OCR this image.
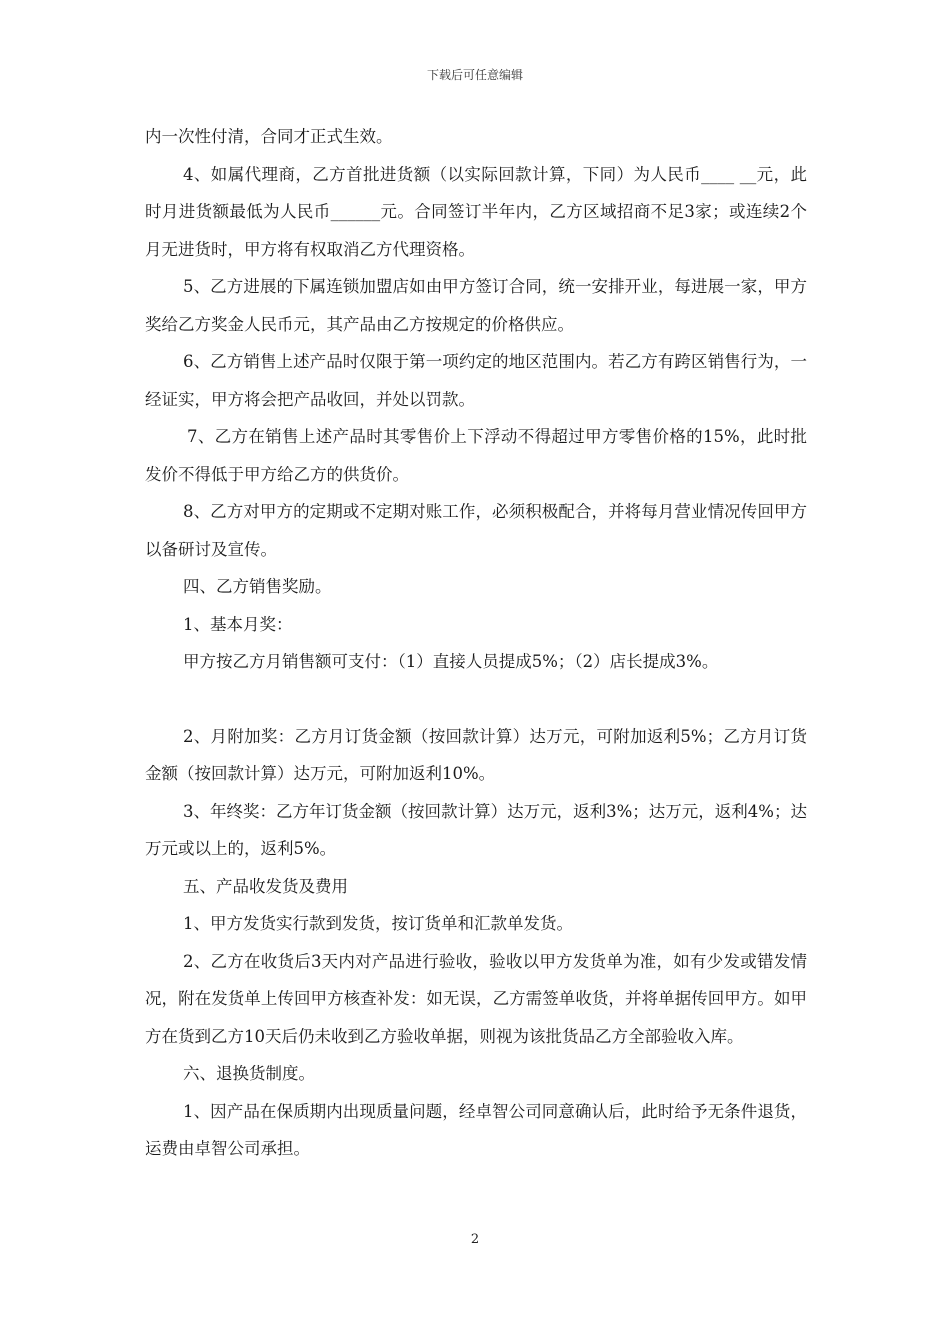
下载后可任意编辑

内一次性付清，合同才正式生效。

4、如属代理商，乙方首批进货额（以实际回款计算，下同）为人民币____ __元，此时月进货额最低为人民币______元。合同签订半年内，乙方区域招商不足3家；或连续2个月无进货时，甲方将有权取消乙方代理资格。

5、乙方进展的下属连锁加盟店如由甲方签订合同，统一安排开业，每进展一家，甲方奖给乙方奖金人民币元，其产品由乙方按规定的价格供应。

6、乙方销售上述产品时仅限于第一项约定的地区范围内。若乙方有跨区销售行为，一经证实，甲方将会把产品收回，并处以罚款。

7、乙方在销售上述产品时其零售价上下浮动不得超过甲方零售价格的15%，此时批发价不得低于甲方给乙方的供货价。

8、乙方对甲方的定期或不定期对账工作，必须积极配合，并将每月营业情况传回甲方以备研讨及宣传。

四、乙方销售奖励。

1、基本月奖：

甲方按乙方月销售额可支付：（1）直接人员提成5%；（2）店长提成3%。

2、月附加奖：乙方月订货金额（按回款计算）达万元，可附加返利5%；乙方月订货金额（按回款计算）达万元，可附加返利10%。

3、年终奖：乙方年订货金额（按回款计算）达万元，返利3%；达万元，返利4%；达万元或以上的，返利5%。

五、产品收发货及费用

1、甲方发货实行款到发货，按订货单和汇款单发货。

2、乙方在收货后3天内对产品进行验收，验收以甲方发货单为准，如有少发或错发情况，附在发货单上传回甲方核查补发：如无误，乙方需签单收货，并将单据传回甲方。如甲方在货到乙方10天后仍未收到乙方验收单据，则视为该批货品乙方全部验收入库。

六、退换货制度。

1、因产品在保质期内出现质量问题，经卓智公司同意确认后，此时给予无条件退货，运费由卓智公司承担。

2
